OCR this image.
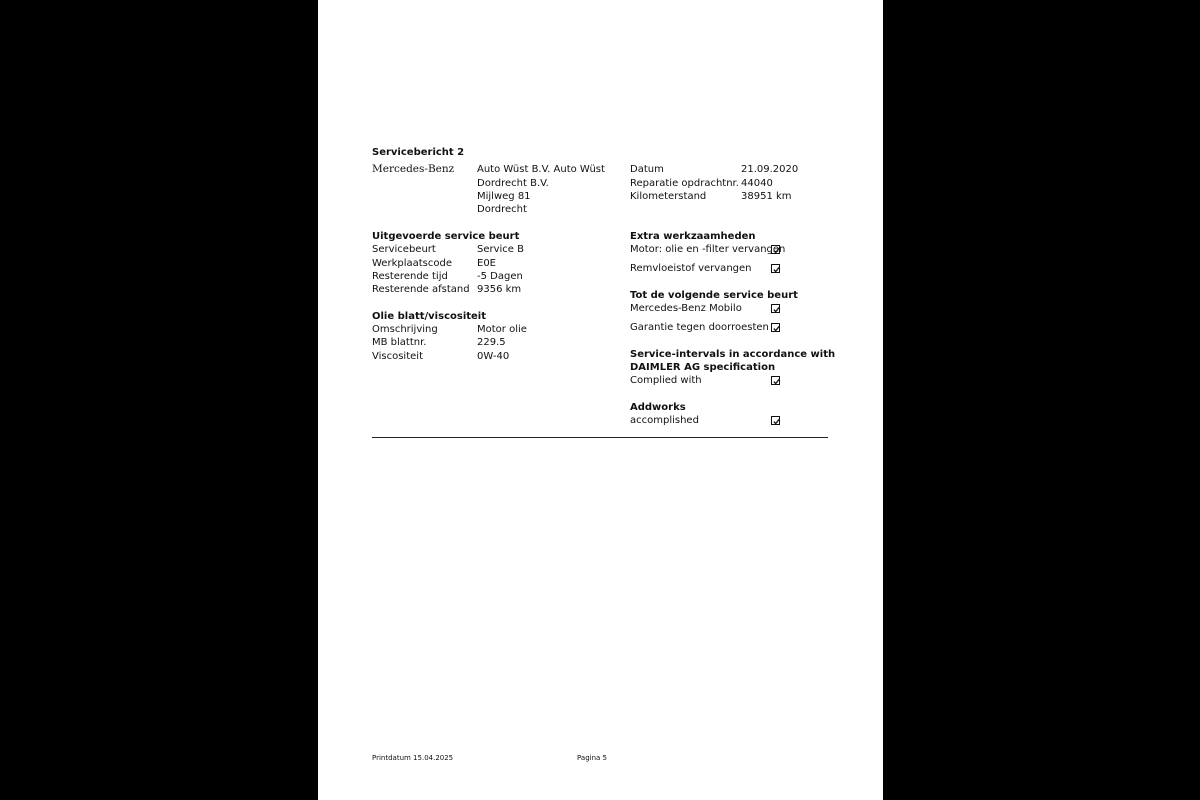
Servicebericht 2
Mercedes-Benz Auto Wüst B.V. Auto Wüst
Dordrecht B.V.
Mijlweg 81
Dordrecht
Datum	21.09.2020
Reparatie opdrachtnr. 44040
Kilometerstand	38951 km
Uitgevoerde service beurt
Servicebeurt	Service B
Werkplaatscode	E0E
Resterende tijd	-5 Dagen
Resterende afstand 9356 km
Olie blatt/viscositeit
Omschrijving	Motor olie
MB blattnr.	229.5
Viscositeit	0W-40
Extra werkzaamheden
Motor: olie en -filter vervangen
Remvloeistof vervangen
Tot de volgende service beurt
Mercedes-Benz Mobilo
Garantie tegen doorroesten
Service-intervals in accordance with
DAIMLER AG specification
Complied with
Addworks
accomplished
Printdatum 15.04.2025	Pagina 5
